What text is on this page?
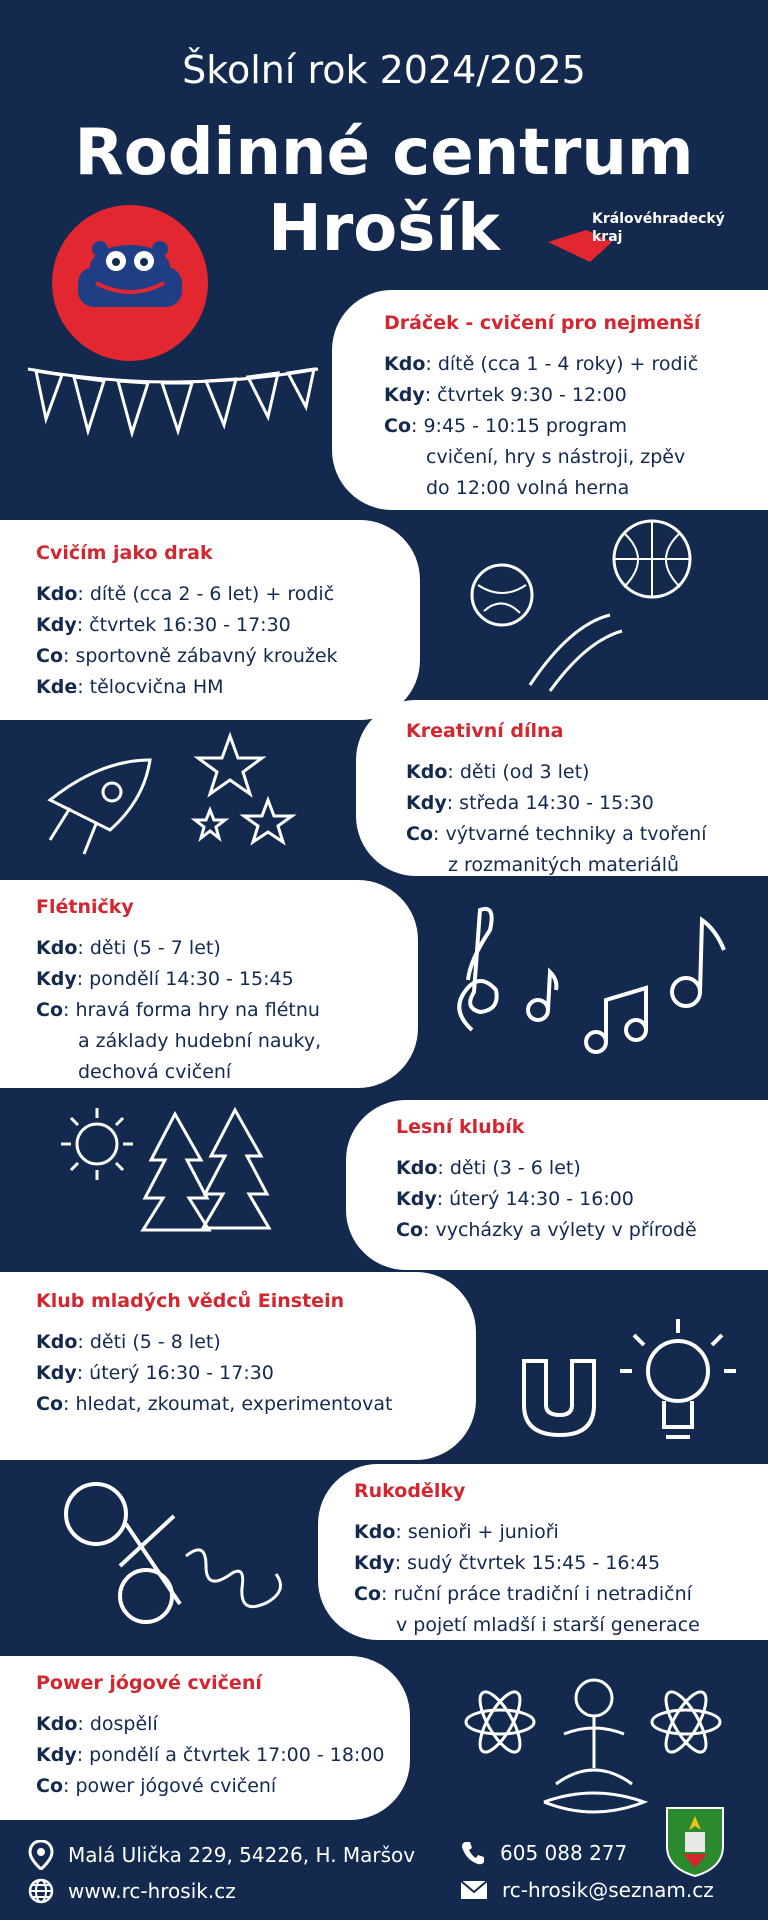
Školní rok 2024/2025
Rodinné centrum
Hrošík	Královéhradecký
kraj
Dráček - cvičení pro nejmenší
Kdo : dítě (cca 1 - 4 roky) + rodič
Kdy : čtvrtek 9:30 - 12:00
Co : 9:45 - 10:15 program
cvičení, hry s nástroji, zpěv
do 12:00 volná herna
Cvičím jako drak
Kdo : dítě (cca 2 - 6 let) + rodič
Kdy : čtvrtek 16:30 - 17:30
Co : sportovně zábavný kroužek
Kde : tělocvična HM
Kreativní dílna
Kdo : děti (od 3 let)
Kdy : středa 14:30 - 15:30
Co : výtvarné techniky a tvoření
z rozmanitých materiálů
Flétničky
Kdo : děti (5 - 7 let)
Kdy : pondělí 14:30 - 15:45
Co : hravá forma hry na flétnu
a základy hudební nauky,
dechová cvičení
Lesní klubík
Kdo : děti (3 - 6 let)
Kdy : úterý 14:30 - 16:00
Co : vycházky a výlety v přírodě
Klub mladých vědců Einstein
Kdo : děti (5 - 8 let)
Kdy : úterý 16:30 - 17:30
Co : hledat, zkoumat, experimentovat
Rukodělky
Kdo : senioři + junioři
Kdy : sudý čtvrtek 15:45 - 16:45
Co : ruční práce tradiční i netradiční
v pojetí mladší i starší generace
Power jógové cvičení
Kdo : dospělí
Kdy : pondělí a čtvrtek 17:00 - 18:00
Co : power jógové cvičení
Malá Ulička 229, 54226, H. Maršov
www.rc-hrosik.cz
605 088 277
rc-hrosik@seznam.cz
